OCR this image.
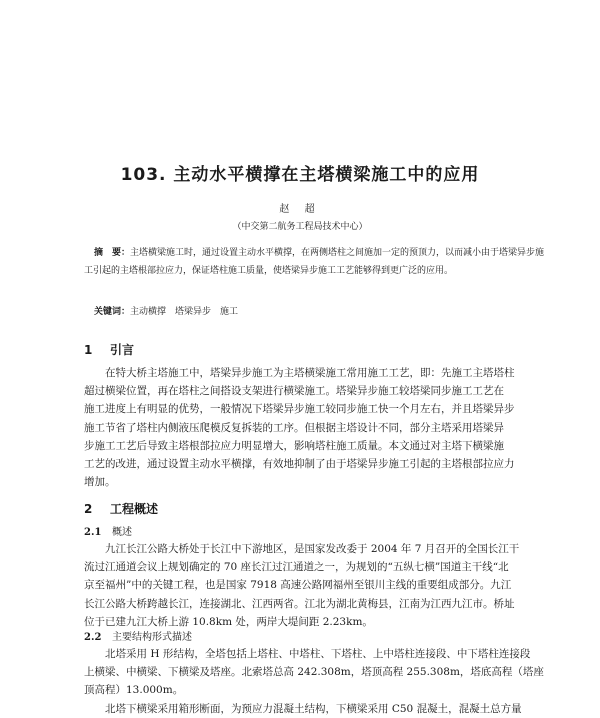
103. 主动水平横撑在主塔横梁施工中的应用
赵 超
（中交第二航务工程局技术中心）
摘　要：主塔横梁施工时，通过设置主动水平横撑，在两侧塔柱之间施加一定的预顶力，以而减小由于塔梁异步施工引起的主塔根部拉应力，保证塔柱施工质量，使塔梁异步施工工艺能够得到更广泛的应用。
关键词：主动横撑　塔梁异步　施工
1 引言
在特大桥主塔施工中，塔梁异步施工为主塔横梁施工常用施工工艺，即：先施工主塔塔柱
超过横梁位置，再在塔柱之间搭设支架进行横梁施工。塔梁异步施工较塔梁同步施工工艺在
施工进度上有明显的优势，一般情况下塔梁异步施工较同步施工快一个月左右，并且塔梁异步
施工节省了塔柱内侧液压爬模反复拆装的工序。但根据主塔设计不同，部分主塔采用塔梁异
步施工工艺后导致主塔根部拉应力明显增大，影响塔柱施工质量。本文通过对主塔下横梁施
工艺的改进，通过设置主动水平横撑，有效地抑制了由于塔梁异步施工引起的主塔根部拉应力
增加。
2 工程概述
2.1 概述
九江长江公路大桥处于长江中下游地区，是国家发改委于 2004 年 7 月召开的全国长江干
流过江通道会议上规划确定的 70 座长江过江通道之一，为规划的“五纵七横”国道主干线“北
京至福州”中的关键工程，也是国家 7918 高速公路网福州至银川主线的重要组成部分。九江
长江公路大桥跨越长江，连接湖北、江西两省。江北为湖北黄梅县，江南为江西九江市。桥址
位于已建九江大桥上游 10.8km 处，两岸大堤间距 2.23km。
2.2 主要结构形式描述
北塔采用 H 形结构，全塔包括上塔柱、中塔柱、下塔柱、上中塔柱连接段、中下塔柱连接段
上横梁、中横梁、下横梁及塔座。北索塔总高 242.308m，塔顶高程 255.308m，塔底高程（塔座
顶高程）13.000m。
北塔下横梁采用箱形断面，为预应力混凝土结构，下横梁采用 C50 混凝土，混凝土总方量
